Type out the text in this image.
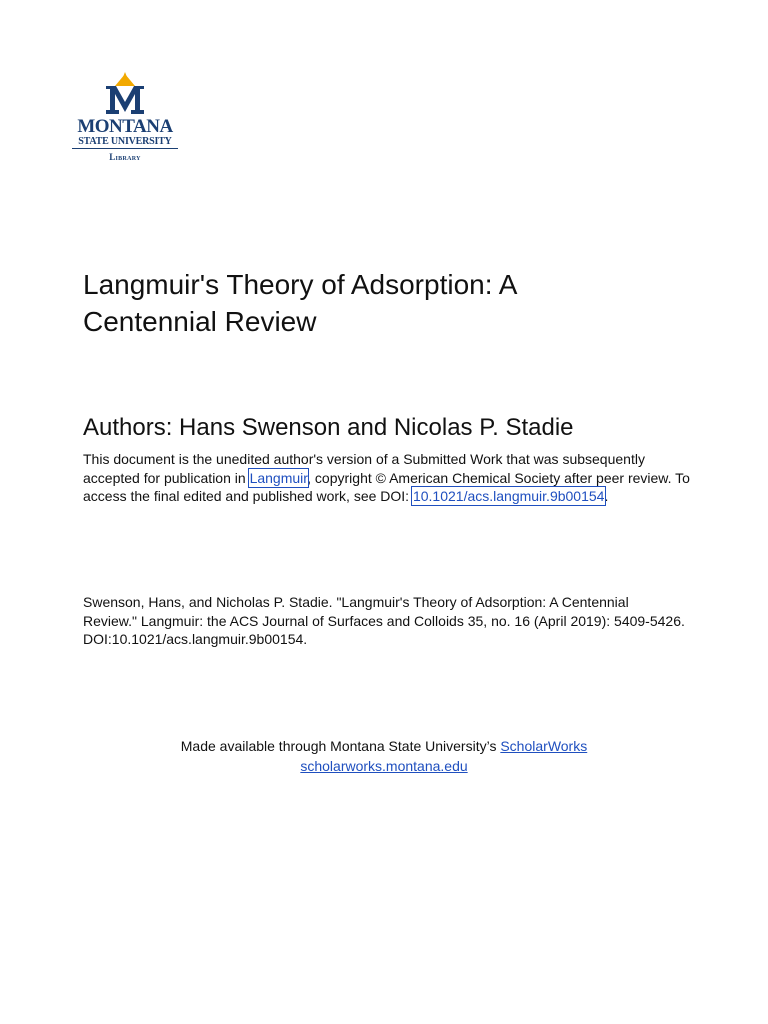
MONTANA
STATE UNIVERSITY
Library
Langmuir's Theory of Adsorption: A
Centennial Review
Authors: Hans Swenson and Nicolas P. Stadie
This document is the unedited author's version of a Submitted Work that was subsequently accepted for publication in Langmuir, copyright © American Chemical Society after peer review. To access the final edited and published work, see DOI: 10.1021/acs.langmuir.9b00154.
Swenson, Hans, and Nicholas P. Stadie. "Langmuir's Theory of Adsorption: A Centennial
Review." Langmuir: the ACS Journal of Surfaces and Colloids 35, no. 16 (April 2019): 5409-5426.
DOI:10.1021/acs.langmuir.9b00154.
Made available through Montana State University’s ScholarWorks
scholarworks.montana.edu
